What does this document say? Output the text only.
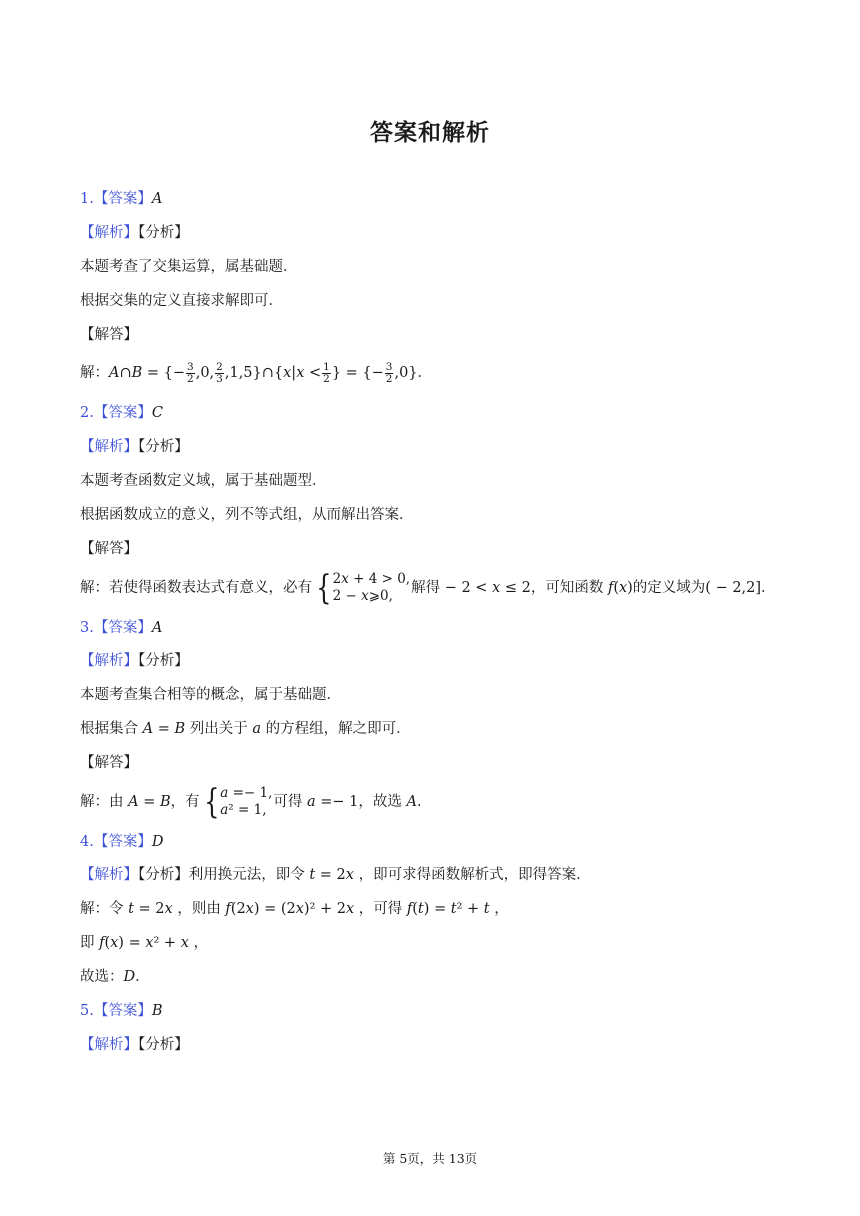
答案和解析
1.【答案】A
【解析】【分析】
本题考查了交集运算，属基础题．
根据交集的定义直接求解即可．
【解答】
解：𝐴∩𝐵 = {− $\frac{3}{2} ,0$, $\frac{2}{3}$ ,1,5}∩{𝑥|𝑥 < $\frac{1}{2}$ } = {− $\frac{3}{2} ,0$}．
2.【答案】C
【解析】【分析】
本题考查函数定义域，属于基础题型．
根据函数成立的意义，列不等式组，从而解出答案．
【解答】
解：若使得函数表达式有意义，必有 { 2𝑥 + 4 > 0,
2 − 𝑥⩾0,	解得 − 2 < 𝑥 ≤ 2，可知函数 𝑓(𝑥)的定义域为( − 2,2]．
3.【答案】A
【解析】【分析】
本题考查集合相等的概念，属于基础题．
根据集合 𝐴 = 𝐵 列出关于 𝑎 的方程组，解之即可．
【解答】
解：由 𝐴 = 𝐵，有 { 𝑎 =− 1,
𝑎² = 1, 可得 𝑎 =− 1，故选 𝐴．
4.【答案】D
【解析】【分析】利用换元法，即令 𝑡 = 2𝑥 ，即可求得函数解析式，即得答案．
解：令 𝑡 = 2𝑥 ，则由 𝑓(2𝑥) = (2𝑥)² + 2𝑥 ，可得 𝑓(𝑡) = 𝑡² + 𝑡 ，
即 𝑓(𝑥) = 𝑥² + 𝑥 ，
故选：𝐷．
5.【答案】B
【解析】【分析】
第 5页，共 13页
